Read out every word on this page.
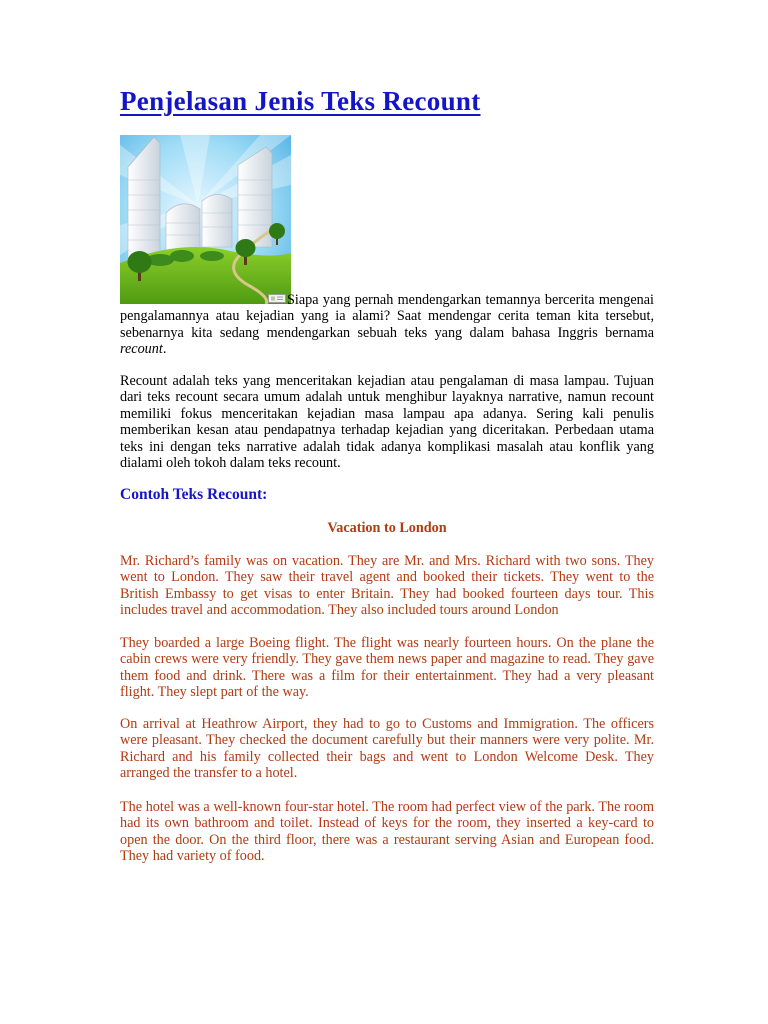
Penjelasan Jenis Teks Recount

Siapa yang pernah mendengarkan temannya bercerita mengenai pengalamannya atau kejadian yang ia alami? Saat mendengar cerita teman kita tersebut, sebenarnya kita sedang mendengarkan sebuah teks yang dalam bahasa Inggris bernama recount.

Recount adalah teks yang menceritakan kejadian atau pengalaman di masa lampau. Tujuan dari teks recount secara umum adalah untuk menghibur layaknya narrative, namun recount memiliki fokus menceritakan kejadian masa lampau apa adanya. Sering kali penulis memberikan kesan atau pendapatnya terhadap kejadian yang diceritakan. Perbedaan utama teks ini dengan teks narrative adalah tidak adanya komplikasi masalah atau konflik yang dialami oleh tokoh dalam teks recount.

Contoh Teks Recount:
Vacation to London

Mr. Richard’s family was on vacation. They are Mr. and Mrs. Richard with two sons. They went to London. They saw their travel agent and booked their tickets. They went to the British Embassy to get visas to enter Britain. They had booked fourteen days tour. This includes travel and accommodation. They also included tours around London

They boarded a large Boeing flight. The flight was nearly fourteen hours. On the plane the cabin crews were very friendly. They gave them news paper and magazine to read. They gave them food and drink. There was a film for their entertainment. They had a very pleasant flight. They slept part of the way.

On arrival at Heathrow Airport, they had to go to Customs and Immigration. The officers were pleasant. They checked the document carefully but their manners were very polite. Mr. Richard and his family collected their bags and went to London Welcome Desk. They arranged the transfer to a hotel.

The hotel was a well-known four-star hotel. The room had perfect view of the park. The room had its own bathroom and toilet. Instead of keys for the room, they inserted a key-card to open the door. On the third floor, there was a restaurant serving Asian and European food. They had variety of food.
